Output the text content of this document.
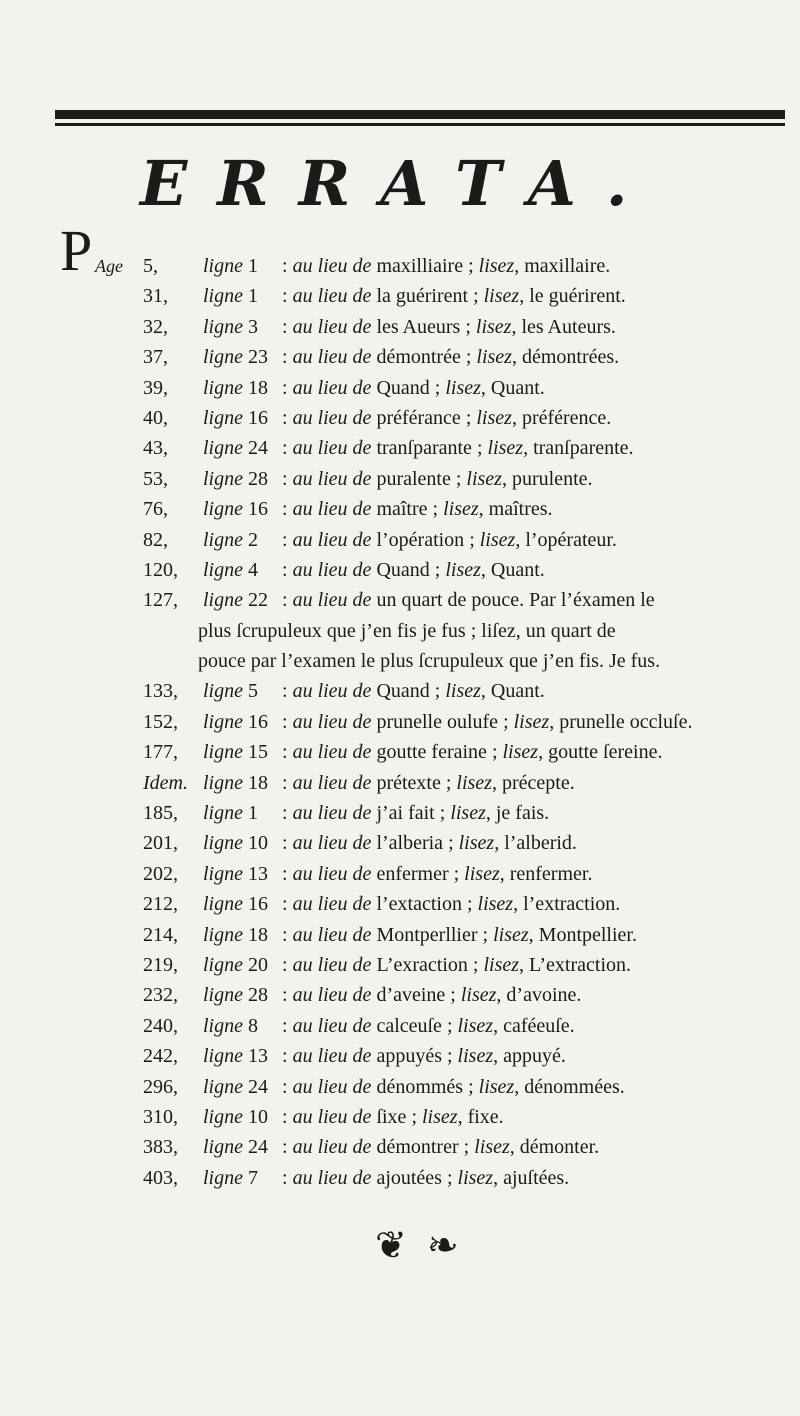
ERRATA.
P Age 5,	ligne 1 : au lieu de maxilliaire ; lisez, maxillaire.
31,	ligne 1 : au lieu de la guérirent ; lisez, le guérirent.
32,	ligne 3 : au lieu de les Aueurs ; lisez, les Auteurs.
37,	ligne 23 : au lieu de démontrée ; lisez, démontrées.
39,	ligne 18 : au lieu de Quand ; lisez, Quant.
40,	ligne 16 : au lieu de préférance ; lisez, préférence.
43,	ligne 24 : au lieu de tranſparante ; lisez, tranſparente.
53,	ligne 28 : au lieu de puralente ; lisez, purulente.
76,	ligne 16 : au lieu de maître ; lisez, maîtres.
82,	ligne 2 : au lieu de l’opération ; lisez, l’opérateur.
120,	ligne 4 : au lieu de Quand ; lisez, Quant.
127,	ligne 22 : au lieu de un quart de pouce. Par l’éxamen le
plus ſcrupuleux que j’en fis je fus ; liſez, un quart de
pouce par l’examen le plus ſcrupuleux que j’en fis. Je fus.
133,	ligne 5 : au lieu de Quand ; lisez, Quant.
152,	ligne 16 : au lieu de prunelle oulufe ; lisez, prunelle occluſe.
177,	ligne 15 : au lieu de goutte feraine ; lisez, goutte ſereine.
Idem. ligne 18 : au lieu de prétexte ; lisez, précepte.
185,	ligne 1 : au lieu de j’ai fait ; lisez, je fais.
201,	ligne 10 : au lieu de l’alberia ; lisez, l’alberid.
202,	ligne 13 : au lieu de enfermer ; lisez, renfermer.
212,	ligne 16 : au lieu de l’extaction ; lisez, l’extraction.
214,	ligne 18 : au lieu de Montperllier ; lisez, Montpellier.
219,	ligne 20 : au lieu de L’exraction ; lisez, L’extraction.
232,	ligne 28 : au lieu de d’aveine ; lisez, d’avoine.
240,	ligne 8 : au lieu de calceuſe ; lisez, caféeuſe.
242,	ligne 13 : au lieu de appuyés ; lisez, appuyé.
296,	ligne 24 : au lieu de dénommés ; lisez, dénommées.
310,	ligne 10 : au lieu de ſixe ; lisez, fixe.
383,	ligne 24 : au lieu de démontrer ; lisez, démonter.
403,	ligne 7 : au lieu de ajoutées ; lisez, ajuſtées.
❦ ❧
